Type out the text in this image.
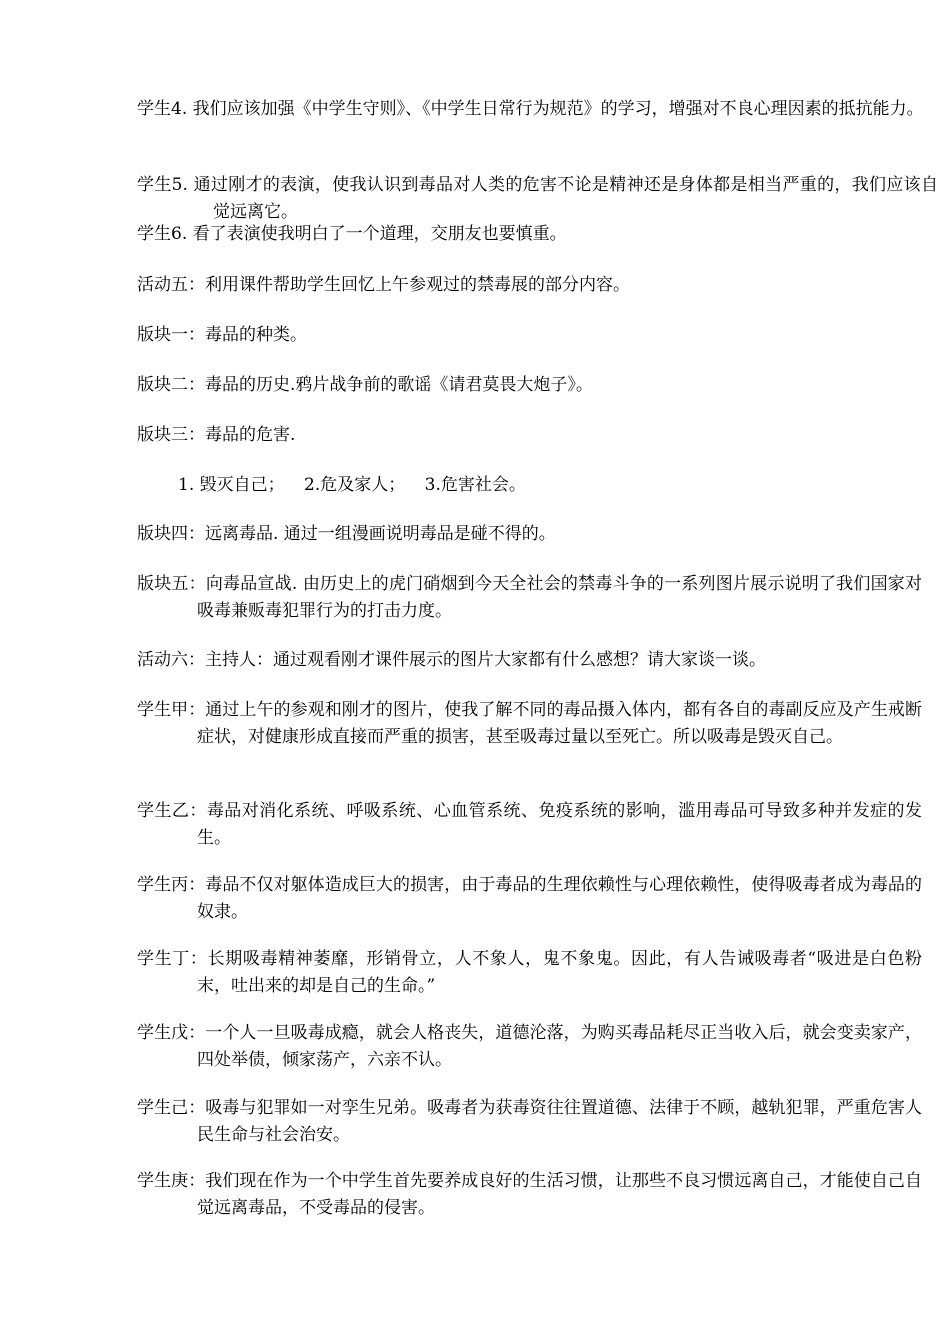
学生4. 我们应该加强《中学生守则》、《中学生日常行为规范》的学习，增强对不良心理因素的抵抗能力。
学生5. 通过刚才的表演，使我认识到毒品对人类的危害不论是精神还是身体都是相当严重的，我们应该自觉远离它。
学生6. 看了表演使我明白了一个道理，交朋友也要慎重。
活动五：利用课件帮助学生回忆上午参观过的禁毒展的部分内容。
版块一：毒品的种类。
版块二：毒品的历史.鸦片战争前的歌谣《请君莫畏大炮子》。
版块三：毒品的危害.
1. 毁灭自己； 2.危及家人； 3.危害社会。
版块四：远离毒品. 通过一组漫画说明毒品是碰不得的。
版块五：向毒品宣战. 由历史上的虎门硝烟到今天全社会的禁毒斗争的一系列图片展示说明了我们国家对吸毒兼贩毒犯罪行为的打击力度。
活动六：主持人：通过观看刚才课件展示的图片大家都有什么感想？请大家谈一谈。
学生甲：通过上午的参观和刚才的图片，使我了解不同的毒品摄入体内，都有各自的毒副反应及产生戒断症状，对健康形成直接而严重的损害，甚至吸毒过量以至死亡。所以吸毒是毁灭自己。
学生乙：毒品对消化系统、呼吸系统、心血管系统、免疫系统的影响，滥用毒品可导致多种并发症的发生。
学生丙：毒品不仅对躯体造成巨大的损害，由于毒品的生理依赖性与心理依赖性，使得吸毒者成为毒品的奴隶。
学生丁：长期吸毒精神萎靡，形销骨立，人不象人，鬼不象鬼。因此，有人告诫吸毒者“吸进是白色粉末，吐出来的却是自己的生命。”
学生戊：一个人一旦吸毒成瘾，就会人格丧失，道德沦落，为购买毒品耗尽正当收入后，就会变卖家产，四处举债，倾家荡产，六亲不认。
学生己：吸毒与犯罪如一对孪生兄弟。吸毒者为获毒资往往置道德、法律于不顾，越轨犯罪，严重危害人民生命与社会治安。
学生庚：我们现在作为一个中学生首先要养成良好的生活习惯，让那些不良习惯远离自己，才能使自己自觉远离毒品，不受毒品的侵害。
